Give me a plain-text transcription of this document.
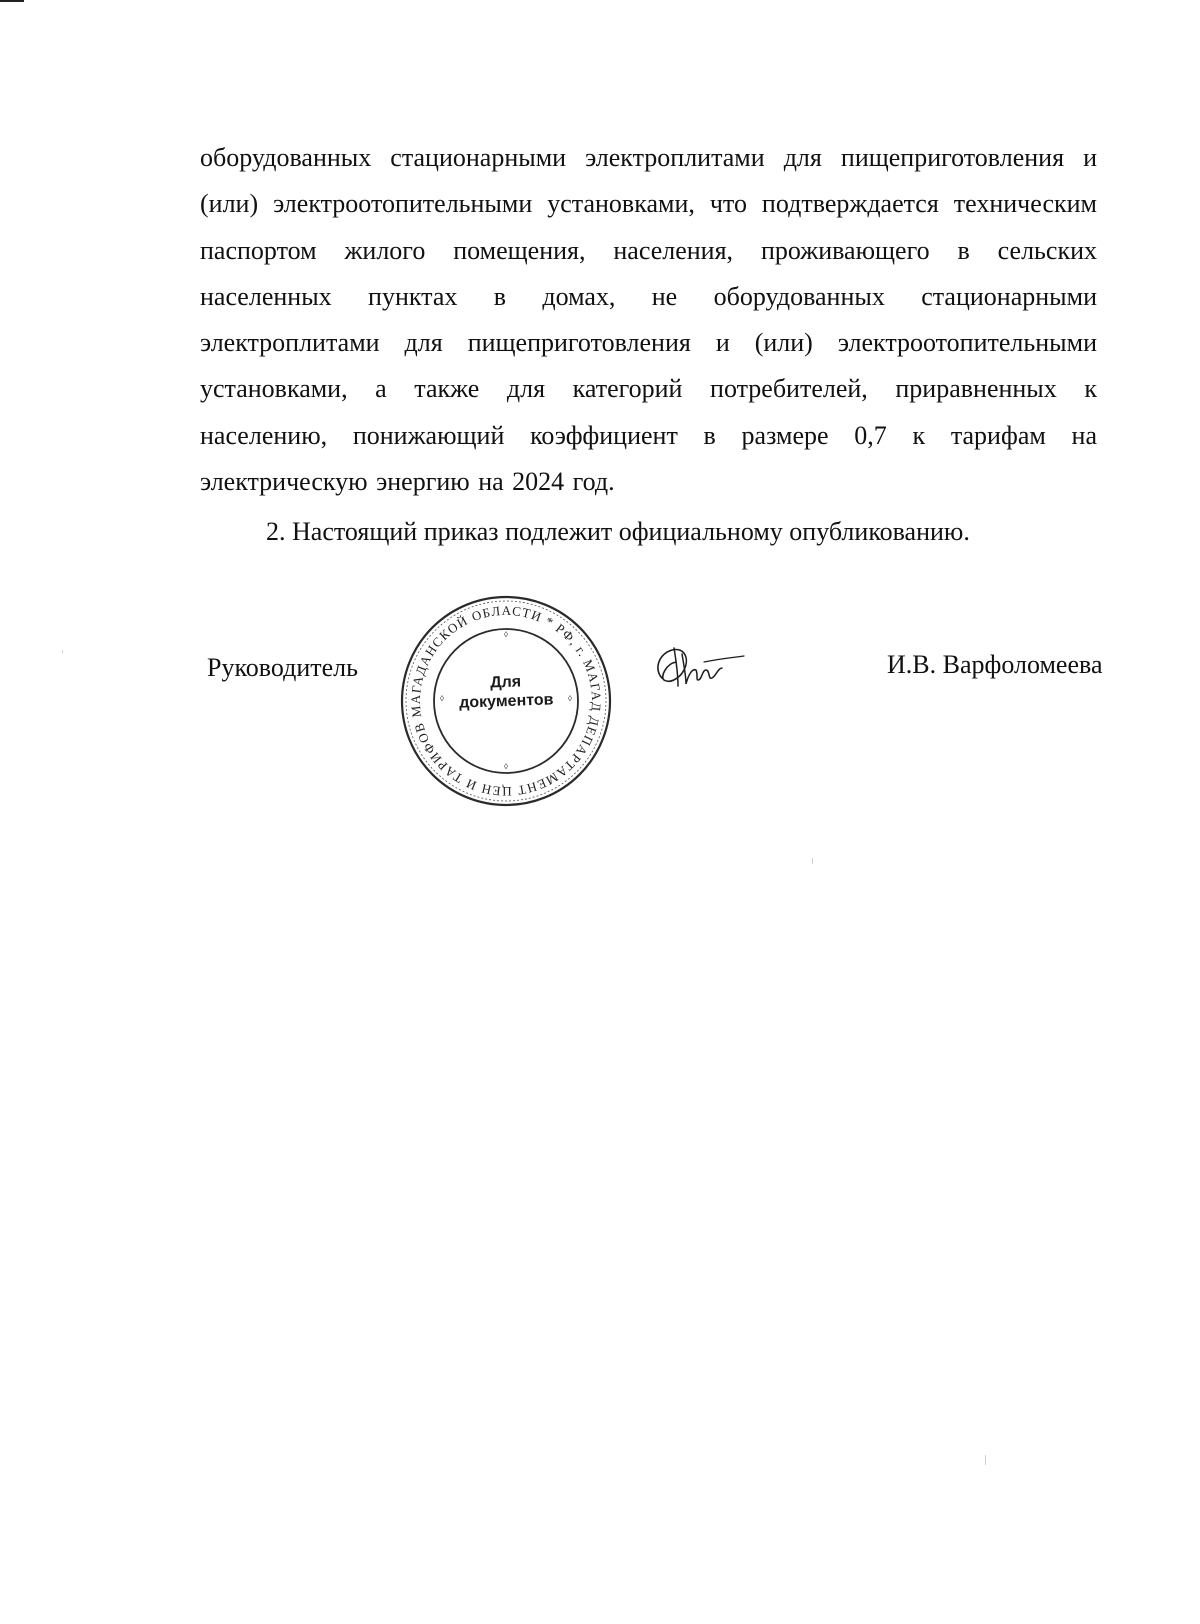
оборудованных стационарными электроплитами для пищеприготовления и (или) электроотопительными установками, что подтверждается техническим паспортом жилого помещения, населения, проживающего в сельских населенных пунктах в домах, не оборудованных стационарными электроплитами для пищеприготовления и (или) электроотопительными установками, а также для категорий потребителей, приравненных к населению, понижающий коэффициент в размере 0,7 к тарифам на электрическую энергию на 2024 год.

2. Настоящий приказ подлежит официальному опубликованию.

Руководитель
ДЕПАРТАМЕНТ ЦЕН И ТАРИФОВ МАГАДАНСКОЙ ОБЛАСТИ * РФ, г. МАГАДАН
◊
◊
◊
◊
Для
документов
И.В. Варфоломеева
